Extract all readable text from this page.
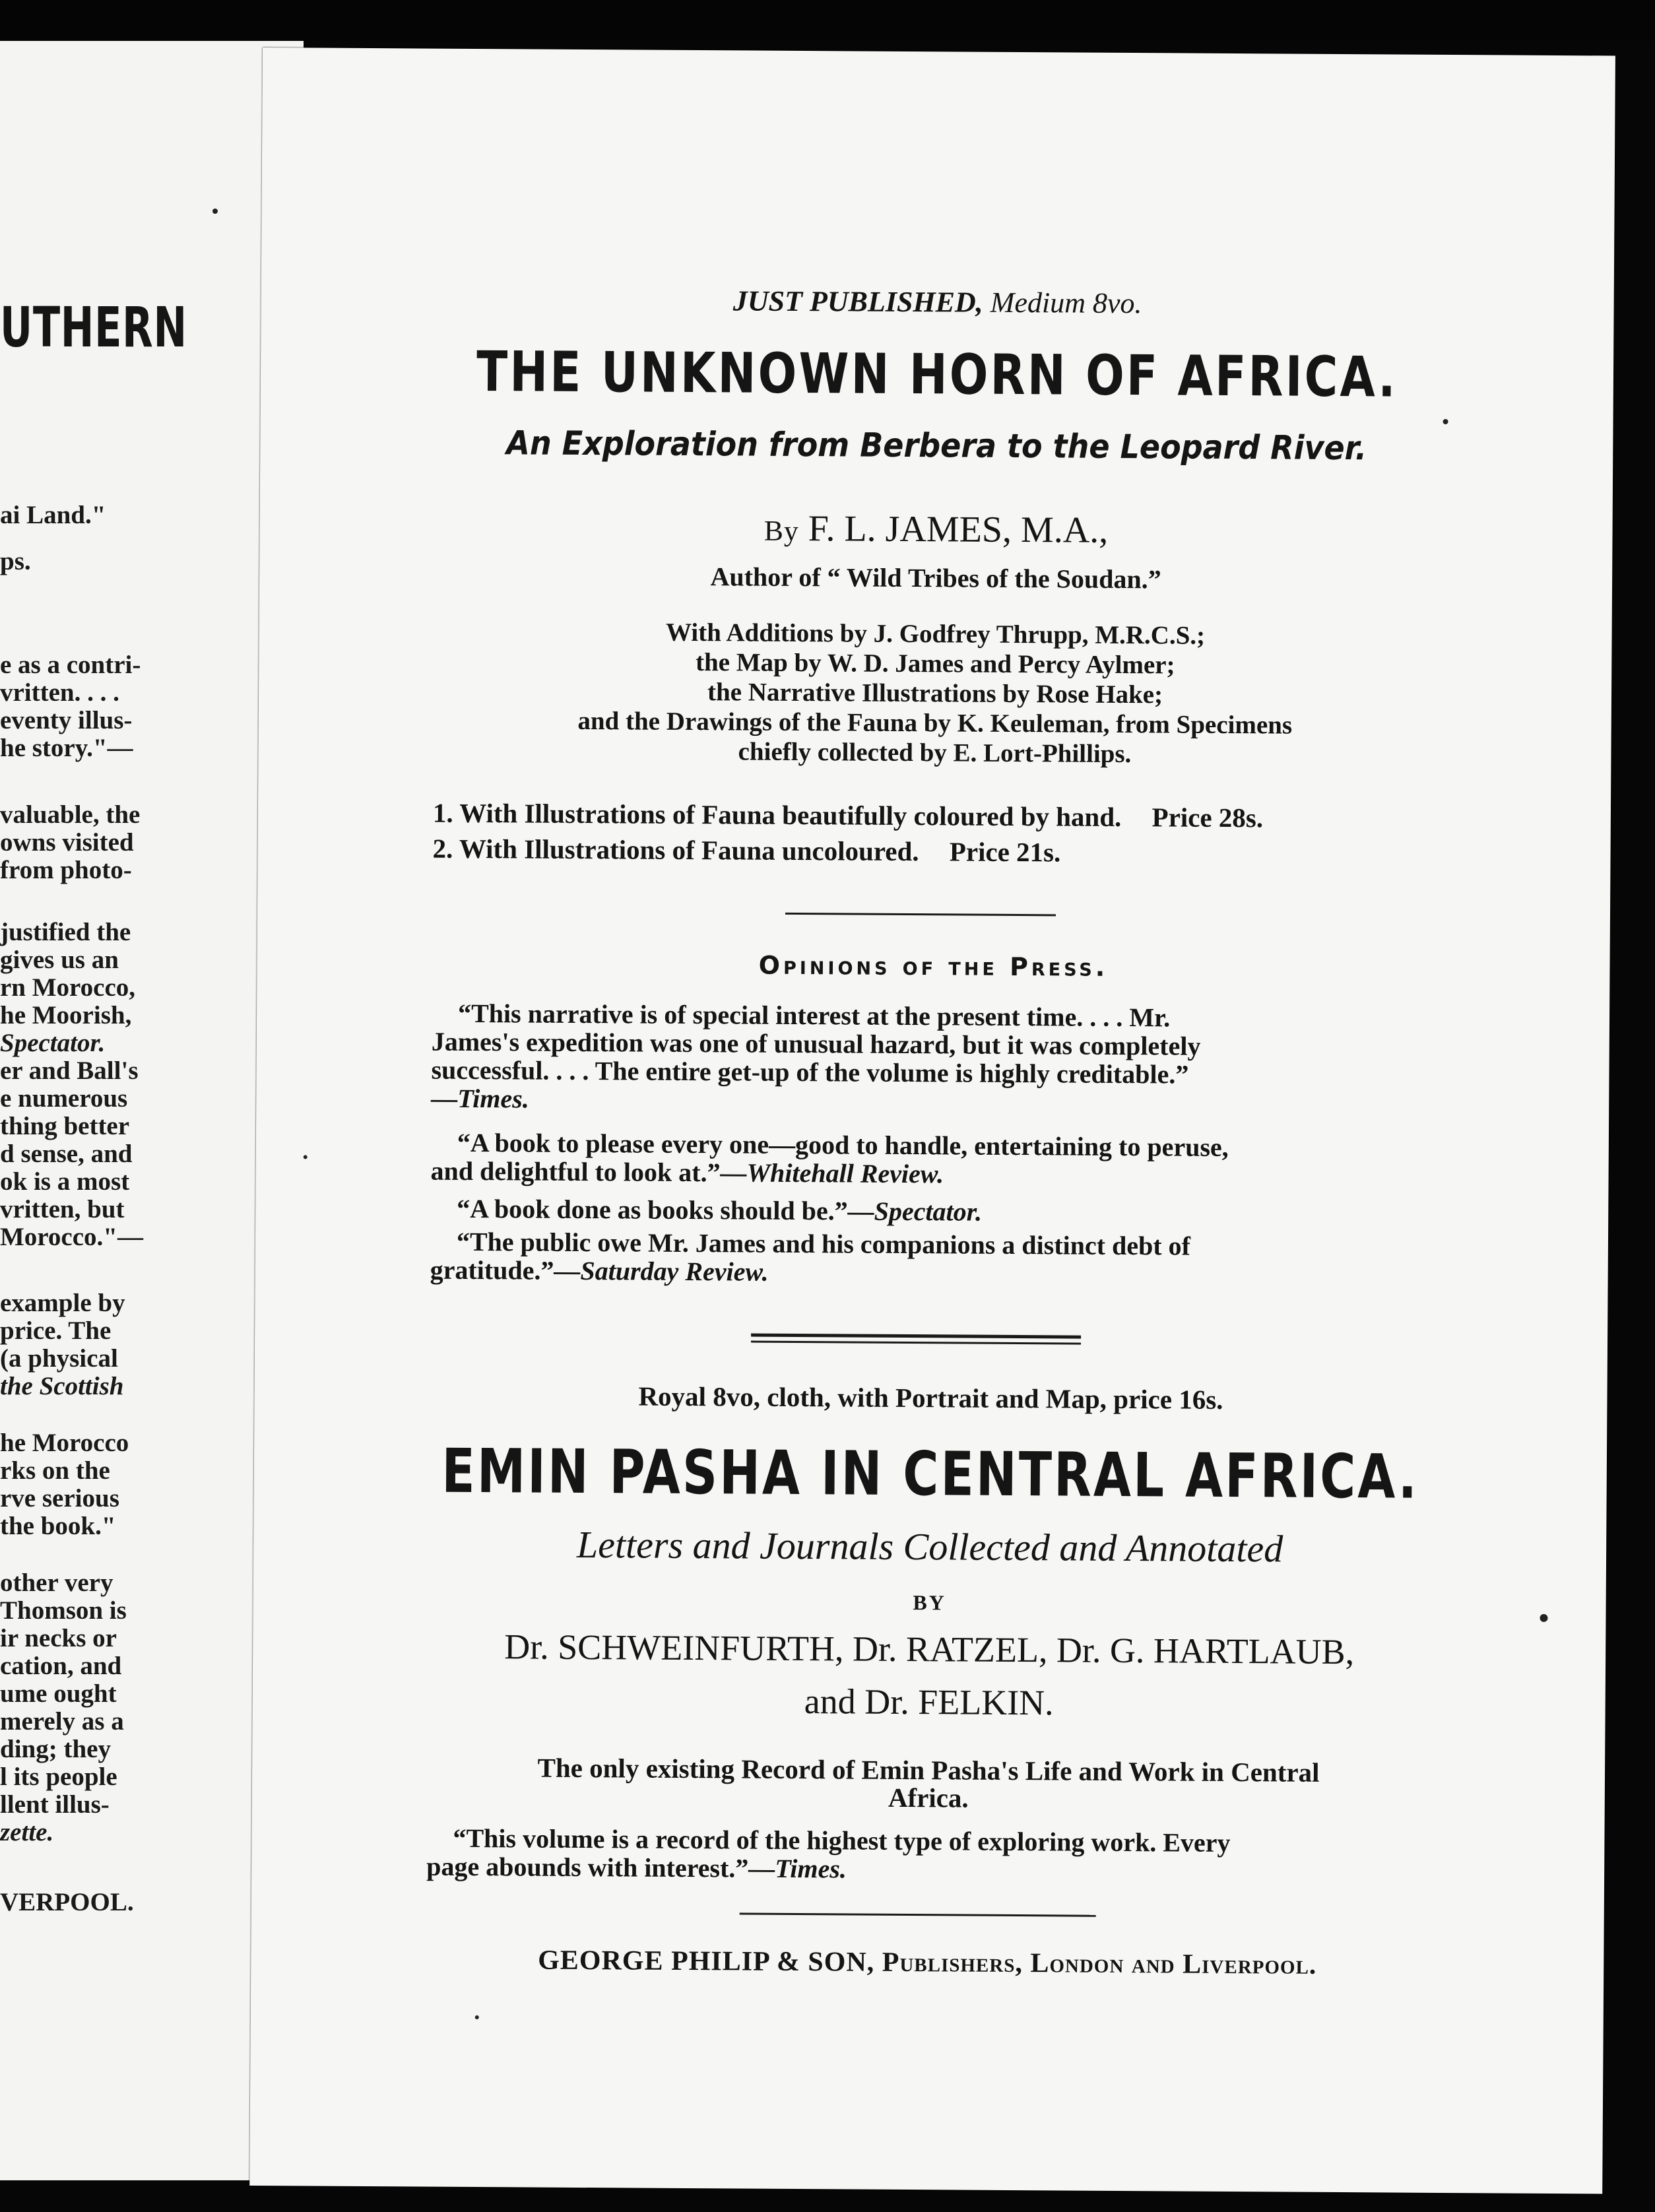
UTHERN
ai Land."
ps.
e as a contri-
vritten. . . .
eventy illus-
he story."—
valuable, the
owns visited
from photo-
justified the
gives us an
rn Morocco,
he Moorish,
Spectator.
er and Ball's
e numerous
thing better
d sense, and
ok is a most
vritten, but
Morocco."—
example by
price. The
(a physical
the Scottish
he Morocco
rks on the
rve serious
the book."
other very
Thomson is
ir necks or
cation, and
ume ought
merely as a
ding; they
l its people
llent illus-
zette.
VERPOOL.
JUST PUBLISHED, Medium 8vo.
THE UNKNOWN HORN OF AFRICA.
An Exploration from Berbera to the Leopard River.
By F. L. JAMES, M.A.,
Author of “ Wild Tribes of the Soudan.”
With Additions by J. Godfrey Thrupp, M.R.C.S.;
the Map by W. D. James and Percy Aylmer;
the Narrative Illustrations by Rose Hake;
and the Drawings of the Fauna by K. Keuleman, from Specimens
chiefly collected by E. Lort-Phillips.
1. With Illustrations of Fauna beautifully coloured by hand. Price 28s.
2. With Illustrations of Fauna uncoloured. Price 21s.
Opinions of the Press.
“This narrative is of special interest at the present time. . . . Mr.
James's expedition was one of unusual hazard, but it was completely
successful. . . . The entire get-up of the volume is highly creditable.”
—Times.
“A book to please every one—good to handle, entertaining to peruse,
and delightful to look at.”—Whitehall Review.
“A book done as books should be.”—Spectator.
“The public owe Mr. James and his companions a distinct debt of
gratitude.”—Saturday Review.
Royal 8vo, cloth, with Portrait and Map, price 16s.
EMIN PASHA IN CENTRAL AFRICA.
Letters and Journals Collected and Annotated
BY
Dr. SCHWEINFURTH, Dr. RATZEL, Dr. G. HARTLAUB,
and Dr. FELKIN.
The only existing Record of Emin Pasha's Life and Work in Central
Africa.
“This volume is a record of the highest type of exploring work. Every
page abounds with interest.”—Times.
GEORGE PHILIP & SON, Publishers, London and Liverpool.
